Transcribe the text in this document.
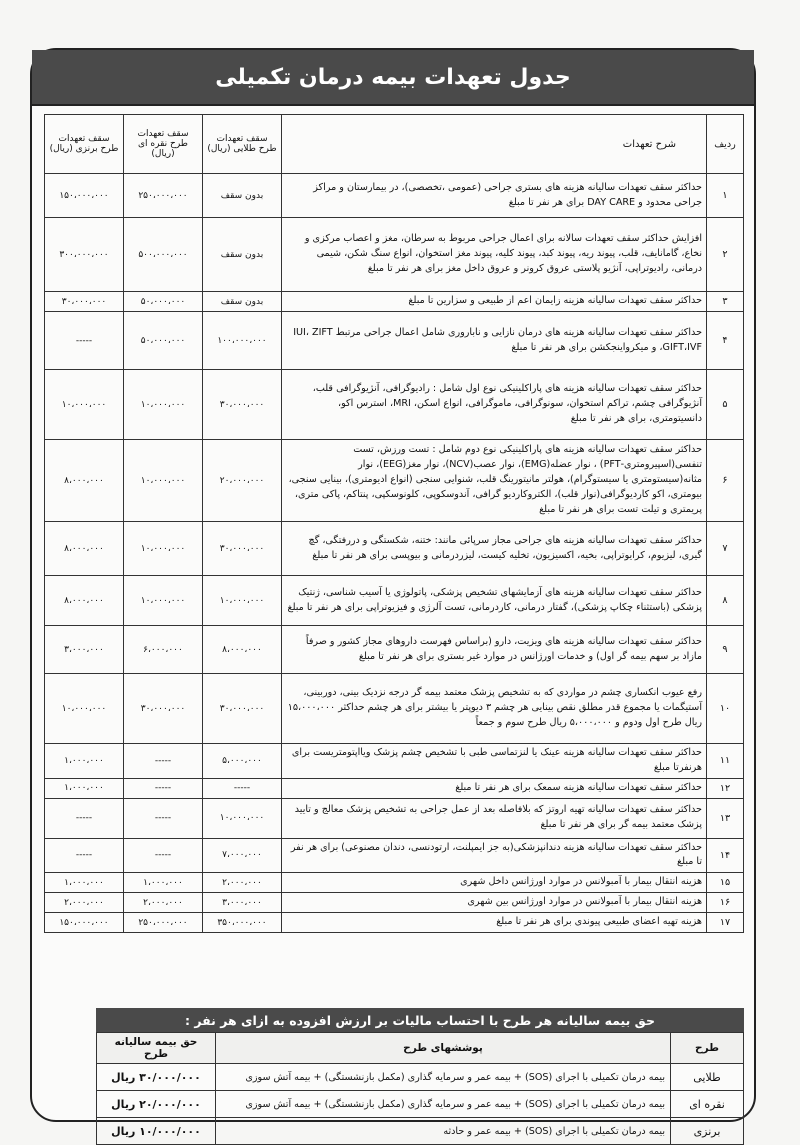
جدول تعهدات بیمه درمان تکمیلی
ردیف	شرح تعهدات	سقف تعهدات طرح طلایی (ریال)	سقف تعهدات طرح نقره ای (ریال)	سقف تعهدات طرح برنزی (ریال)
۱	حداکثر سقف تعهدات سالیانه هزینه های بستری جراحی (عمومی ،تخصصی)، در بیمارستان و مراکز جراحی محدود و DAY CARE برای هر نفر تا مبلغ	بدون سقف	۲۵۰،۰۰۰،۰۰۰	۱۵۰،۰۰۰،۰۰۰
۲	افزایش حداکثر سقف تعهدات سالانه برای اعمال جراحی مربوط به سرطان، مغز و اعصاب مرکزی و نخاع، گامانایف، قلب، پیوند ریه، پیوند کبد، پیوند کلیه، پیوند مغز استخوان، انواع سنگ شکن، شیمی درمانی، رادیوتراپی، آنژیو پلاستی عروق کرونر و عروق داخل مغز برای هر نفر تا مبلغ	بدون سقف	۵۰۰،۰۰۰،۰۰۰	۳۰۰،۰۰۰،۰۰۰
۳	حداکثر سقف تعهدات سالیانه هزینه زایمان اعم از طبیعی و سزارین تا مبلغ	بدون سقف	۵۰،۰۰۰،۰۰۰	۳۰،۰۰۰،۰۰۰
۴	حداکثر سقف تعهدات سالیانه هزینه های درمان نازایی و ناباروری شامل اعمال جراحی مرتبط IUI، ZIFT ،GIFT،IVF و میکرواینجکشن برای هر نفر تا مبلغ	۱۰۰،۰۰۰،۰۰۰	۵۰،۰۰۰،۰۰۰	-----
۵	حداکثر سقف تعهدات سالیانه هزینه های پاراکلینیکی نوع اول شامل : رادیوگرافی، آنژیوگرافی قلب، آنژیوگرافی چشم، تراکم استخوان، سونوگرافی، ماموگرافی، انواع اسکن، MRI، استرس اکو، دانسیتومتری، برای هر نفر تا مبلغ	۳۰،۰۰۰،۰۰۰	۱۰،۰۰۰،۰۰۰	۱۰،۰۰۰،۰۰۰
۶	حداکثر سقف تعهدات سالیانه هزینه های پاراکلینیکی نوع دوم شامل : تست ورزش، تست تنفسی(اسپیرومتری-PFT) ، نوار عضله(EMG)، نوار عصب(NCV)، نوار مغز(EEG)، نوار مثانه(سیستومتری یا سیستوگرام)، هولتر مانیتورینگ قلب، شنوایی سنجی (انواع ادیومتری)، بینایی سنجی، بیومتری، اکو کاردیوگرافی(نوار قلب)، الکتروکاردیو گرافی، آندوسکوپی، کلونوسکپی، پنتاکم، پاکی متری، پریمتری و تیلت تست برای هر نفر تا مبلغ	۲۰،۰۰۰،۰۰۰	۱۰،۰۰۰،۰۰۰	۸،۰۰۰،۰۰۰
۷	حداکثر سقف تعهدات سالیانه هزینه های جراحی مجاز سرپائی مانند: ختنه، شکستگی و دررفتگی، گچ گیری، لیزیوم، کرایوتراپی، بخیه، اکسیزیون، تخلیه کیست، لیزردرمانی و بیوپسی برای هر نفر تا مبلغ	۳۰،۰۰۰،۰۰۰	۱۰،۰۰۰،۰۰۰	۸،۰۰۰،۰۰۰
۸	حداکثر سقف تعهدات سالیانه هزینه های آزمایشهای تشخیص پزشکی، پاتولوژی یا آسیب شناسی، ژنتیک پزشکی (باستثناء چکاپ پزشکی)، گفتار درمانی، کاردرمانی، تست آلرژی و فیزیوتراپی برای هر نفر تا مبلغ	۱۰،۰۰۰،۰۰۰	۱۰،۰۰۰،۰۰۰	۸،۰۰۰،۰۰۰
۹	حداکثر سقف تعهدات سالیانه هزینه های ویزیت، دارو (براساس فهرست داروهای مجاز کشور و صرفاً مازاد بر سهم بیمه گر اول) و خدمات اورژانس در موارد غیر بستری برای هر نفر تا مبلغ	۸،۰۰۰،۰۰۰	۶،۰۰۰،۰۰۰	۳،۰۰۰،۰۰۰
۱۰	رفع عیوب انکساری چشم در مواردی که به تشخیص پزشک معتمد بیمه گر درجه نزدیک بینی، دوربینی، آستیگمات یا مجموع قدر مطلق نقص بینایی هر چشم ۳ دیوپتر یا بیشتر برای هر چشم حداکثر ۱۵،۰۰۰،۰۰۰ ریال طرح اول ودوم و ۵،۰۰۰،۰۰۰ ریال طرح سوم و جمعاً	۳۰،۰۰۰،۰۰۰	۳۰،۰۰۰،۰۰۰	۱۰،۰۰۰،۰۰۰
۱۱	حداکثر سقف تعهدات سالیانه هزینه عینک یا لنزتماسی طبی با تشخیص چشم پزشک ویااپتومتریست برای هرنفرتا مبلغ	۵،۰۰۰،۰۰۰	-----	۱،۰۰۰،۰۰۰
۱۲	حداکثر سقف تعهدات سالیانه هزینه سمعک برای هر نفر تا مبلغ	-----	-----	۱،۰۰۰،۰۰۰
۱۳	حداکثر سقف تعهدات سالیانه تهیه اروتز که بلافاصله بعد از عمل جراحی به تشخیص پزشک معالج و تایید پزشک معتمد بیمه گر برای هر نفر تا مبلغ	۱۰،۰۰۰،۰۰۰	-----	-----
۱۴	حداکثر سقف تعهدات سالیانه هزینه دندانپزشکی(به جز ایمپلنت، ارتودنسی، دندان مصنوعی) برای هر نفر تا مبلغ	۷،۰۰۰،۰۰۰	-----	-----
۱۵	هزینه انتقال بیمار با آمبولانس در موارد اورژانس داخل شهری	۲،۰۰۰،۰۰۰	۱،۰۰۰،۰۰۰	۱،۰۰۰،۰۰۰
۱۶	هزینه انتقال بیمار با آمبولانس در موارد اورژانس بین شهری	۳،۰۰۰،۰۰۰	۲،۰۰۰،۰۰۰	۲،۰۰۰،۰۰۰
۱۷	هزینه تهیه اعضای طبیعی پیوندی برای هر نفر تا مبلغ	۳۵۰،۰۰۰،۰۰۰	۲۵۰،۰۰۰،۰۰۰	۱۵۰،۰۰۰،۰۰۰
حق بیمه سالیانه هر طرح با احتساب مالیات بر ارزش افزوده به ازای هر نفر :
طرح	پوششهای طرح	حق بیمه سالیانه طرح
طلایی	بیمه درمان تکمیلی با اجرای (SOS) + بیمه عمر و سرمایه گذاری (مکمل بازنشستگی) + بیمه آتش سوزی	۳۰/۰۰۰/۰۰۰ ریال
نقره ای	بیمه درمان تکمیلی با اجرای (SOS) + بیمه عمر و سرمایه گذاری (مکمل بازنشستگی) + بیمه آتش سوزی	۲۰/۰۰۰/۰۰۰ ریال
برنزی	بیمه درمان تکمیلی با اجرای (SOS) + بیمه عمر و حادثه	۱۰/۰۰۰/۰۰۰ ریال
